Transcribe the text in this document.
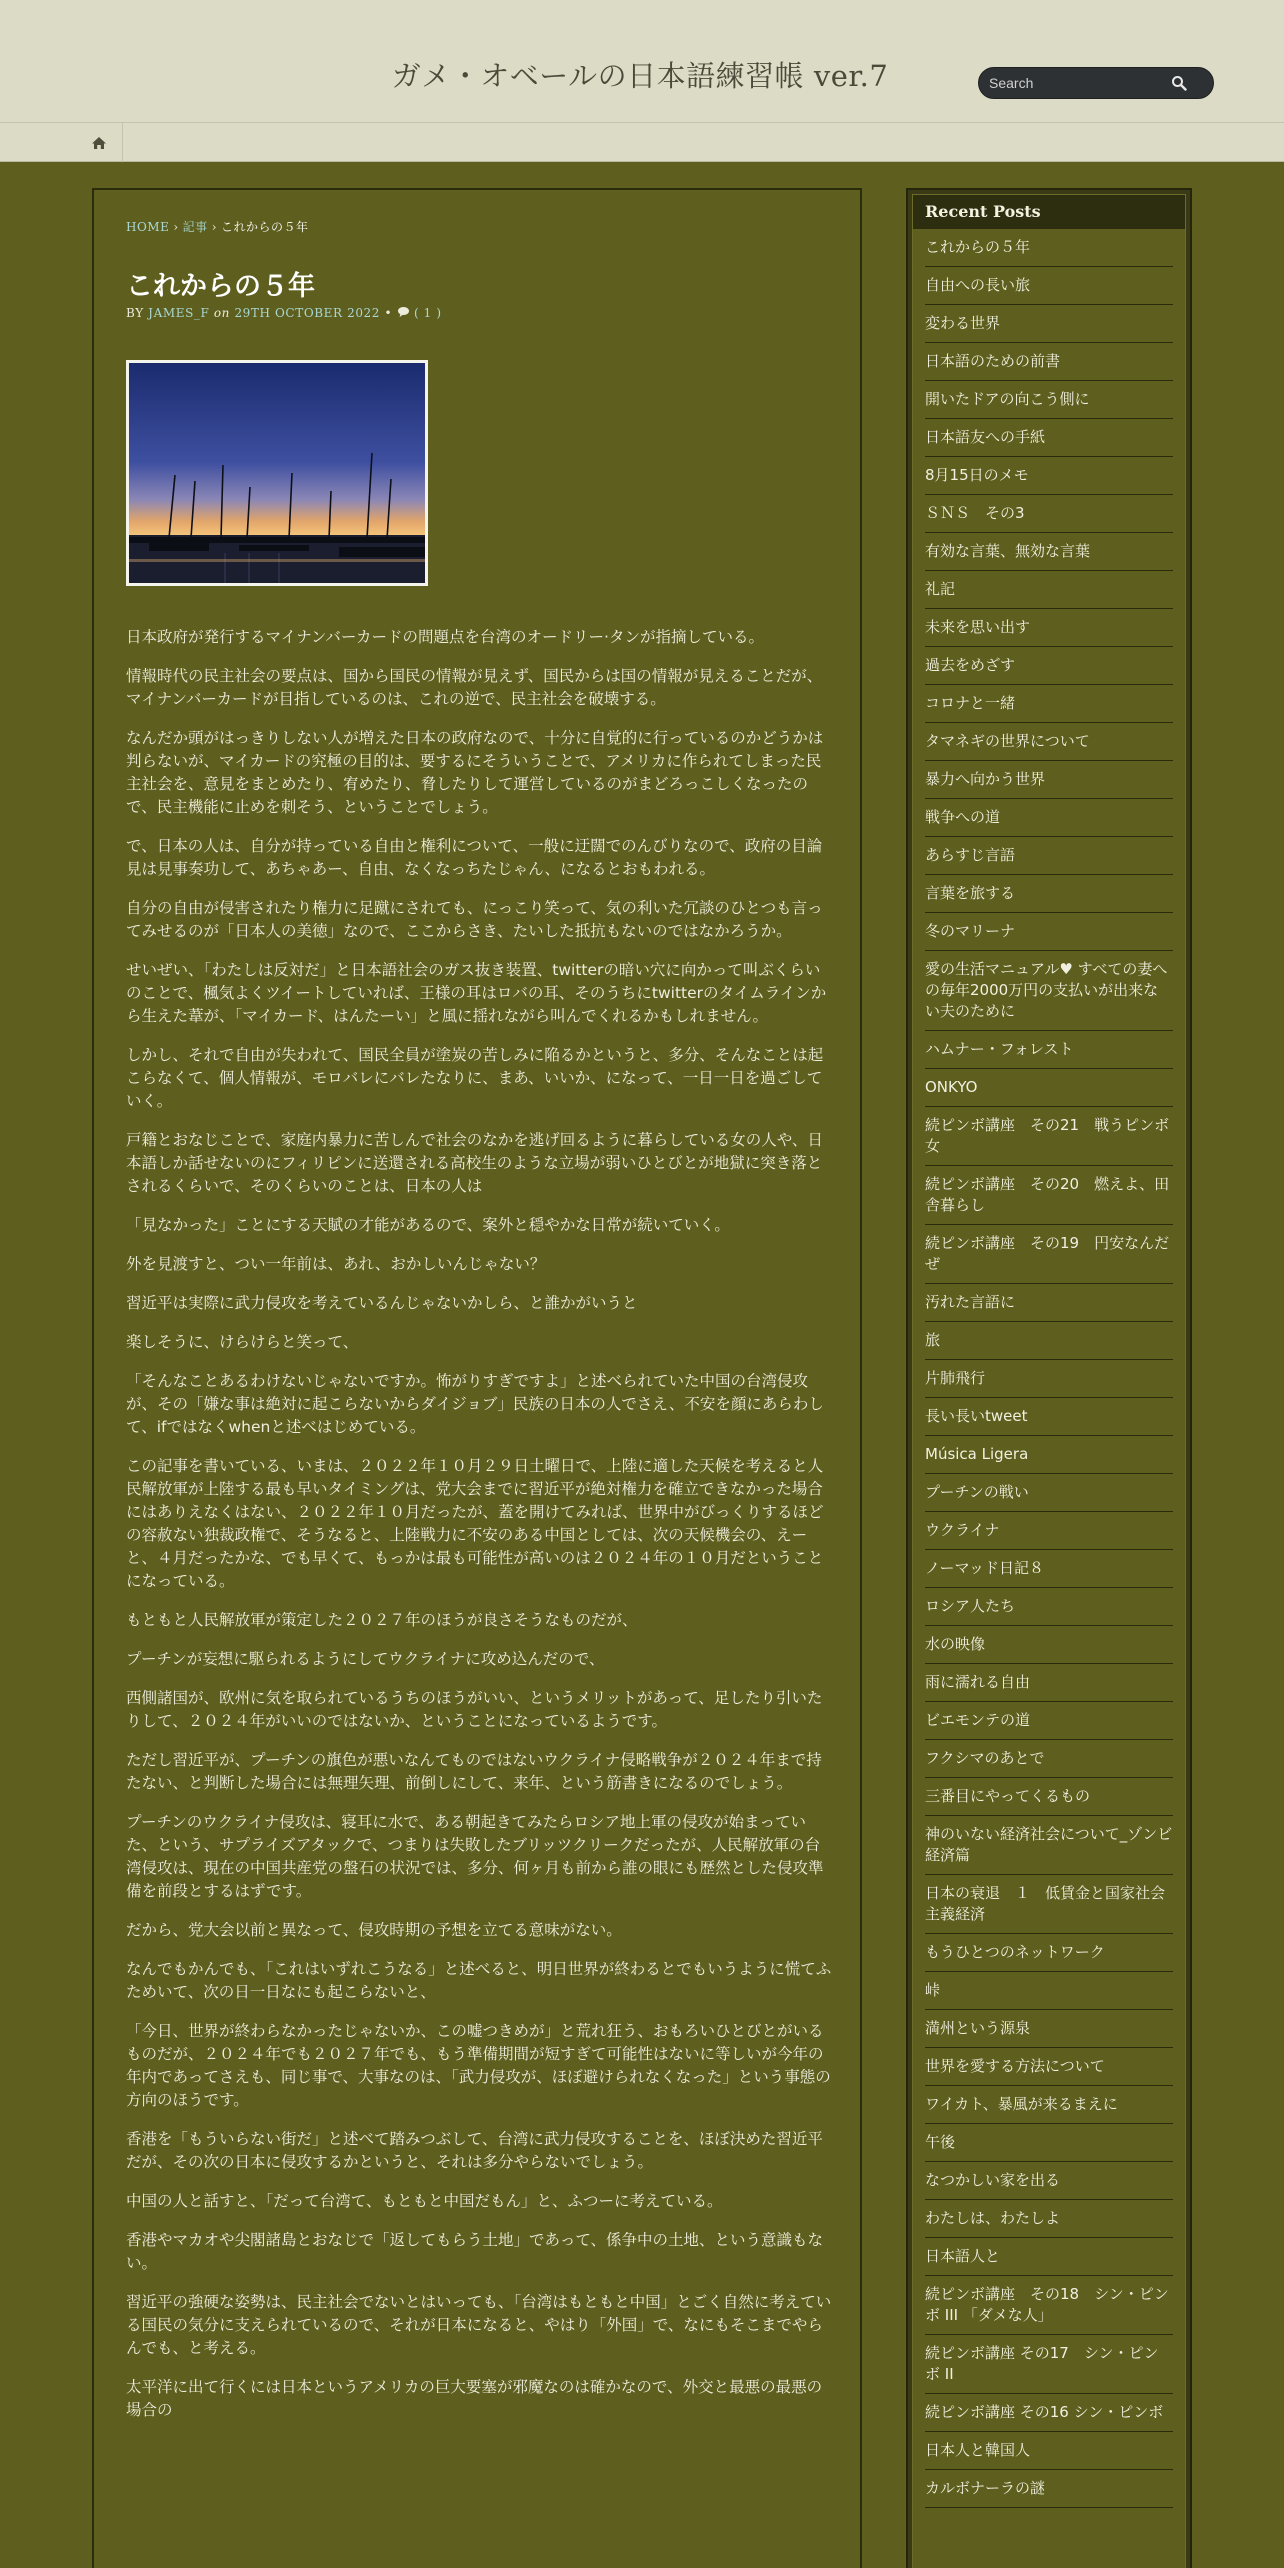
ガメ・オベールの日本語練習帳 ver.7
Search
HOME › 記事 › これからの５年
これからの５年
BY JAMES_F on 29TH OCTOBER 2022 • ( 1 )

日本政府が発行するマイナンバーカードの問題点を台湾のオードリー·タンが指摘している。

情報時代の民主社会の要点は、国から国民の情報が見えず、国民からは国の情報が見えることだが、マイナンバーカードが目指しているのは、これの逆で、民主社会を破壊する。

なんだか頭がはっきりしない人が増えた日本の政府なので、十分に自覚的に行っているのかどうかは判らないが、マイカードの究極の目的は、要するにそういうことで、アメリカに作られてしまった民主社会を、意見をまとめたり、宥めたり、脅したりして運営しているのがまどろっこしくなったので、民主機能に止めを刺そう、ということでしょう。

で、日本の人は、自分が持っている自由と権利について、一般に迂闊でのんびりなので、政府の目論見は見事奏功して、あちゃあー、自由、なくなっちたじゃん、になるとおもわれる。

自分の自由が侵害されたり権力に足蹴にされても、にっこり笑って、気の利いた冗談のひとつも言ってみせるのが「日本人の美徳」なので、ここからさき、たいした抵抗もないのではなかろうか。

せいぜい、「わたしは反対だ」と日本語社会のガス抜き装置、twitterの暗い穴に向かって叫ぶくらいのことで、楓気よくツイートしていれば、王様の耳はロバの耳、そのうちにtwitterのタイムラインから生えた葦が、「マイカード、はんたーい」と風に揺れながら叫んでくれるかもしれません。

しかし、それで自由が失われて、国民全員が塗炭の苦しみに陥るかというと、多分、そんなことは起こらなくて、個人情報が、モロバレにバレたなりに、まあ、いいか、になって、一日一日を過ごしていく。

戸籍とおなじことで、家庭内暴力に苦しんで社会のなかを逃げ回るように暮らしている女の人や、日本語しか話せないのにフィリピンに送還される高校生のような立場が弱いひとびとが地獄に突き落とされるくらいで、そのくらいのことは、日本の人は

「見なかった」ことにする天賦の才能があるので、案外と穏やかな日常が続いていく。

外を見渡すと、つい一年前は、あれ、おかしいんじゃない？

習近平は実際に武力侵攻を考えているんじゃないかしら、と誰かがいうと

楽しそうに、けらけらと笑って、

「そんなことあるわけないじゃないですか。怖がりすぎですよ」と述べられていた中国の台湾侵攻が、その「嫌な事は絶対に起こらないからダイジョブ」民族の日本の人でさえ、不安を顔にあらわして、ifではなくwhenと述べはじめている。

この記事を書いている、いまは、２０２２年１０月２９日土曜日で、上陸に適した天候を考えると人民解放軍が上陸する最も早いタイミングは、党大会までに習近平が絶対権力を確立できなかった場合にはありえなくはない、２０２２年１０月だったが、蓋を開けてみれば、世界中がびっくりするほどの容赦ない独裁政権で、そうなると、上陸戦力に不安のある中国としては、次の天候機会の、えーと、４月だったかな、でも早くて、もっかは最も可能性が高いのは２０２４年の１０月だということになっている。

もともと人民解放軍が策定した２０２７年のほうが良さそうなものだが、

プーチンが妄想に駆られるようにしてウクライナに攻め込んだので、

西側諸国が、欧州に気を取られているうちのほうがいい、というメリットがあって、足したり引いたりして、２０２４年がいいのではないか、ということになっているようです。

ただし習近平が、プーチンの旗色が悪いなんてものではないウクライナ侵略戦争が２０２４年まで持たない、と判断した場合には無理矢理、前倒しにして、来年、という筋書きになるのでしょう。

プーチンのウクライナ侵攻は、寝耳に水で、ある朝起きてみたらロシア地上軍の侵攻が始まっていた、という、サプライズアタックで、つまりは失敗したブリッツクリークだったが、人民解放軍の台湾侵攻は、現在の中国共産党の盤石の状況では、多分、何ヶ月も前から誰の眼にも歴然とした侵攻準備を前段とするはずです。

だから、党大会以前と異なって、侵攻時期の予想を立てる意味がない。

なんでもかんでも、「これはいずれこうなる」と述べると、明日世界が終わるとでもいうように慌てふためいて、次の日一日なにも起こらないと、

「今日、世界が終わらなかったじゃないか、この嘘つきめが」と荒れ狂う、おもろいひとびとがいるものだが、２０２４年でも２０２７年でも、もう準備期間が短すぎて可能性はないに等しいが今年の年内であってさえも、同じ事で、大事なのは、「武力侵攻が、ほぼ避けられなくなった」という事態の方向のほうです。

香港を「もういらない街だ」と述べて踏みつぶして、台湾に武力侵攻することを、ほぼ決めた習近平だが、その次の日本に侵攻するかというと、それは多分やらないでしょう。

中国の人と話すと、「だって台湾て、もともと中国だもん」と、ふつーに考えている。

香港やマカオや尖閣諸島とおなじで「返してもらう土地」であって、係争中の土地、という意識もない。

習近平の強硬な姿勢は、民主社会でないとはいっても、「台湾はもともと中国」とごく自然に考えている国民の気分に支えられているので、それが日本になると、やはり「外国」で、なにもそこまでやらんでも、と考える。

太平洋に出て行くには日本というアメリカの巨大要塞が邪魔なのは確かなので、外交と最悪の最悪の場合の

Recent Posts
これからの５年
自由への長い旅
変わる世界
日本語のための前書
開いたドアの向こう側に
日本語友への手紙
8月15日のメモ
ＳＮＳ　その3
有効な言葉、無効な言葉
礼記
未来を思い出す
過去をめざす
コロナと一緒
タマネギの世界について
暴力へ向かう世界
戦争への道
あらすじ言語
言葉を旅する
冬のマリーナ
愛の生活マニュアル♥ すべての妻への毎年2000万円の支払いが出来ない夫のために
ハムナー・フォレスト
ONKYO
続ピンボ講座　その21　戦うピンボ女
続ピンボ講座　その20　燃えよ、田舎暮らし
続ピンボ講座　その19　円安なんだぜ
汚れた言語に
旅
片肺飛行
長い長いtweet
Música Ligera
プーチンの戦い
ウクライナ
ノーマッド日記８
ロシア人たち
水の映像
雨に濡れる自由
ビエモンテの道
フクシマのあとで
三番目にやってくるもの
神のいない経済社会について_ゾンビ経済篇
日本の衰退　１　低賃金と国家社会主義経済
もうひとつのネットワーク
峠
満州という源泉
世界を愛する方法について
ワイカト、暴風が来るまえに
午後
なつかしい家を出る
わたしは、わたしよ
日本語人と
続ピンボ講座　その18　シン・ピンボ III 「ダメな人」
続ピンボ講座 その17　シン・ピンボ II
続ピンボ講座 その16 シン・ピンボ
日本人と韓国人
カルボナーラの謎
